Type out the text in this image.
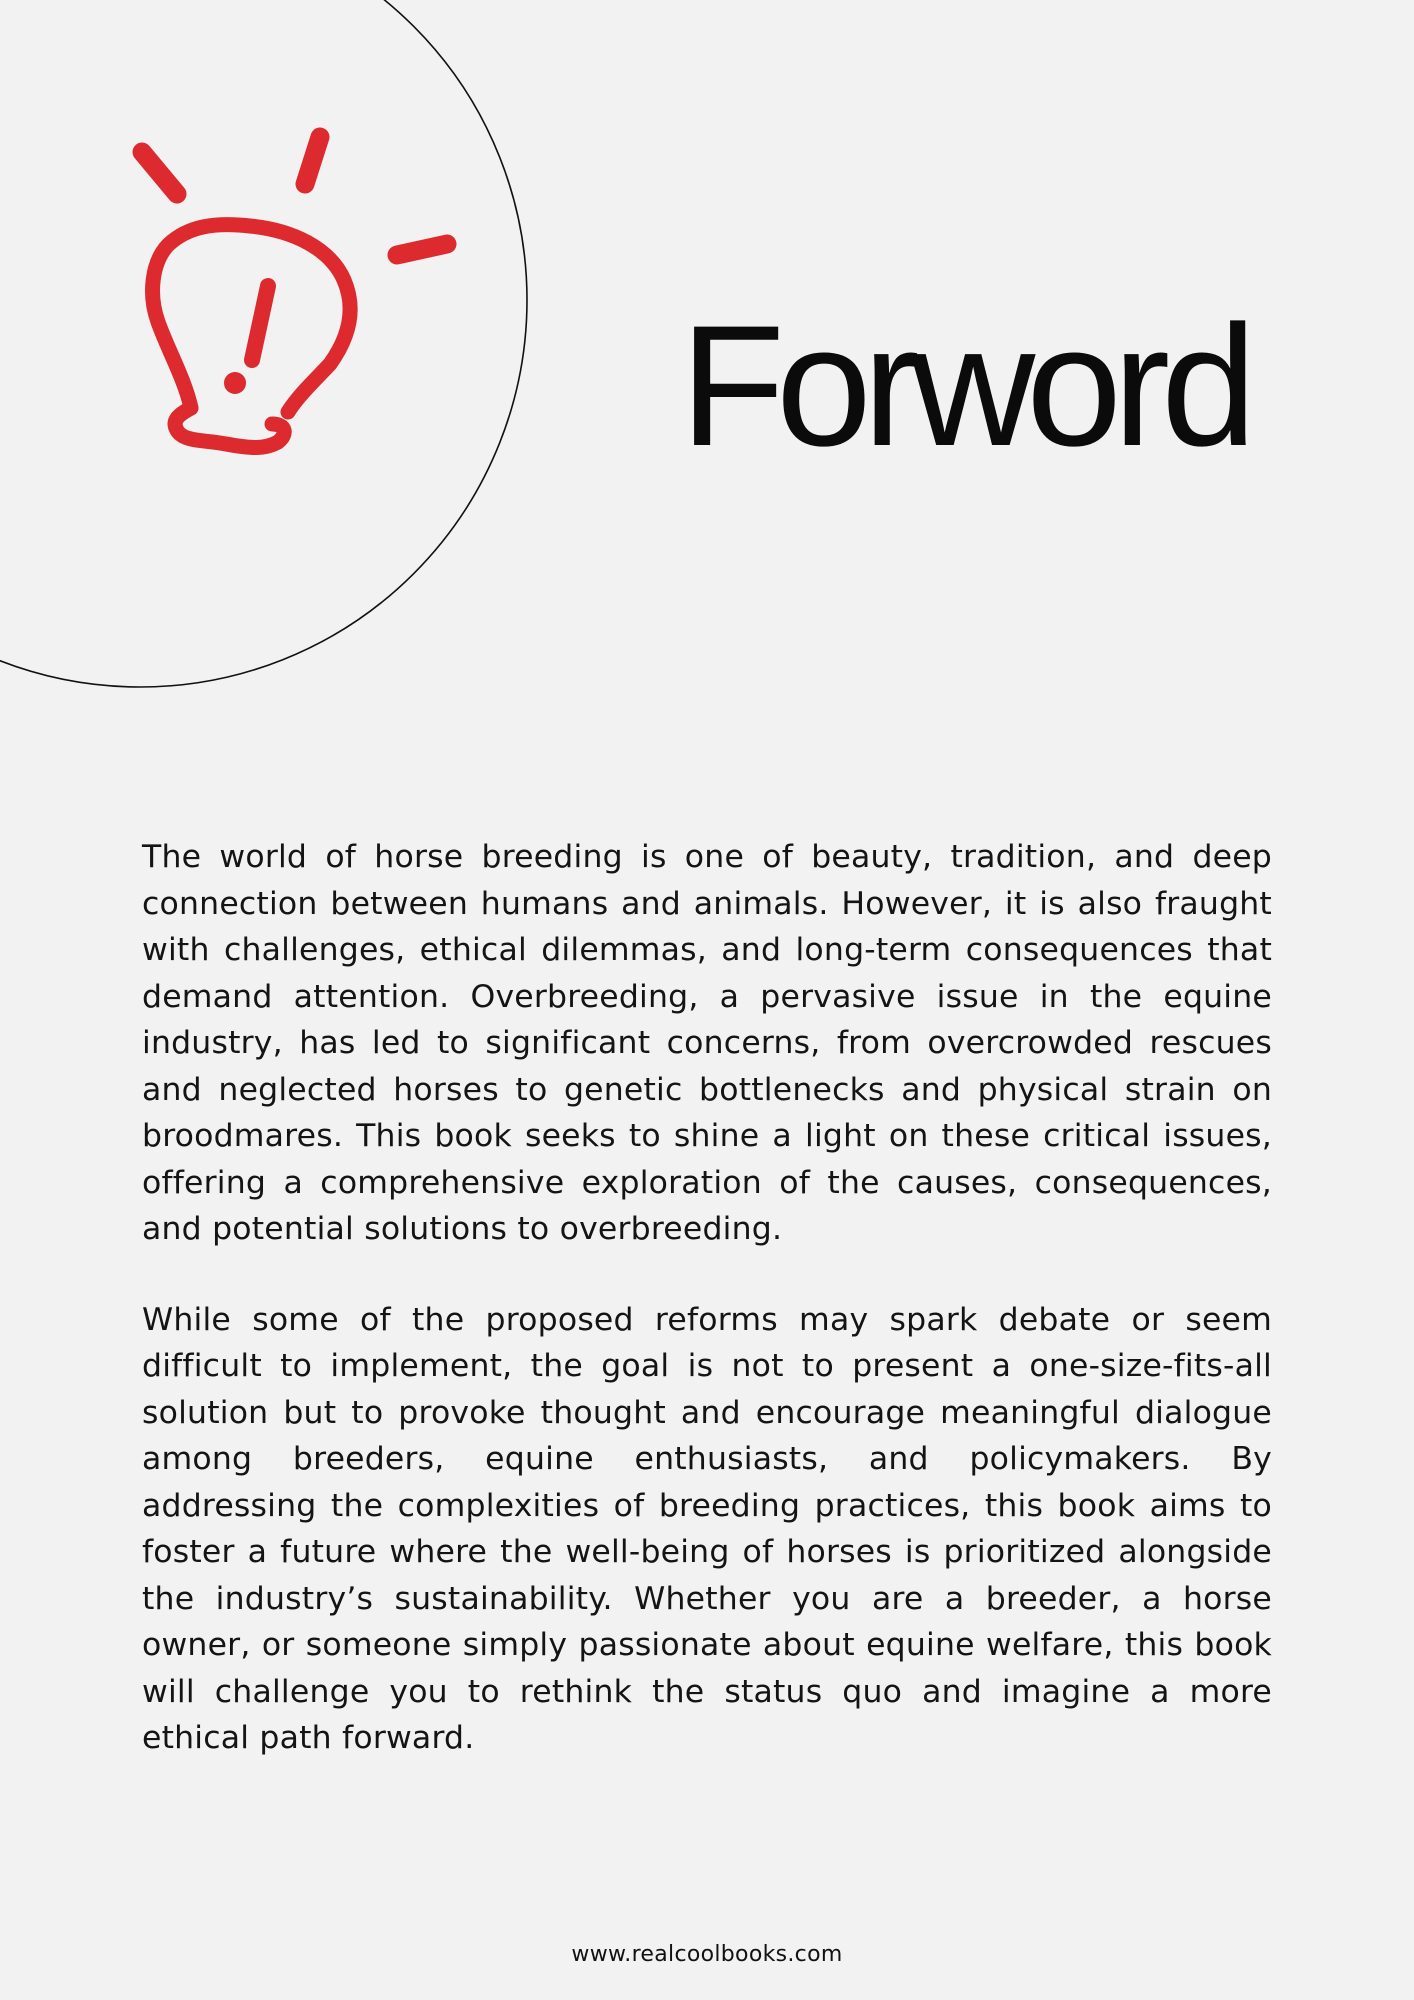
Forword

The world of horse breeding is one of beauty, tradition, and deep connection between humans and animals. However, it is also fraught with challenges, ethical dilemmas, and long-term consequences that demand attention. Overbreeding, a pervasive issue in the equine industry, has led to significant concerns, from overcrowded rescues and neglected horses to genetic bottlenecks and physical strain on broodmares. This book seeks to shine a light on these critical issues, offering a comprehensive exploration of the causes, consequences, and potential solutions to overbreeding.

While some of the proposed reforms may spark debate or seem difficult to implement, the goal is not to present a one-size-fits-all solution but to provoke thought and encourage meaningful dialogue among breeders, equine enthusiasts, and policymakers. By addressing the complexities of breeding practices, this book aims to foster a future where the well-being of horses is prioritized alongside the industry’s sustainability. Whether you are a breeder, a horse owner, or someone simply passionate about equine welfare, this book will challenge you to rethink the status quo and imagine a more ethical path forward.

www.realcoolbooks.com
